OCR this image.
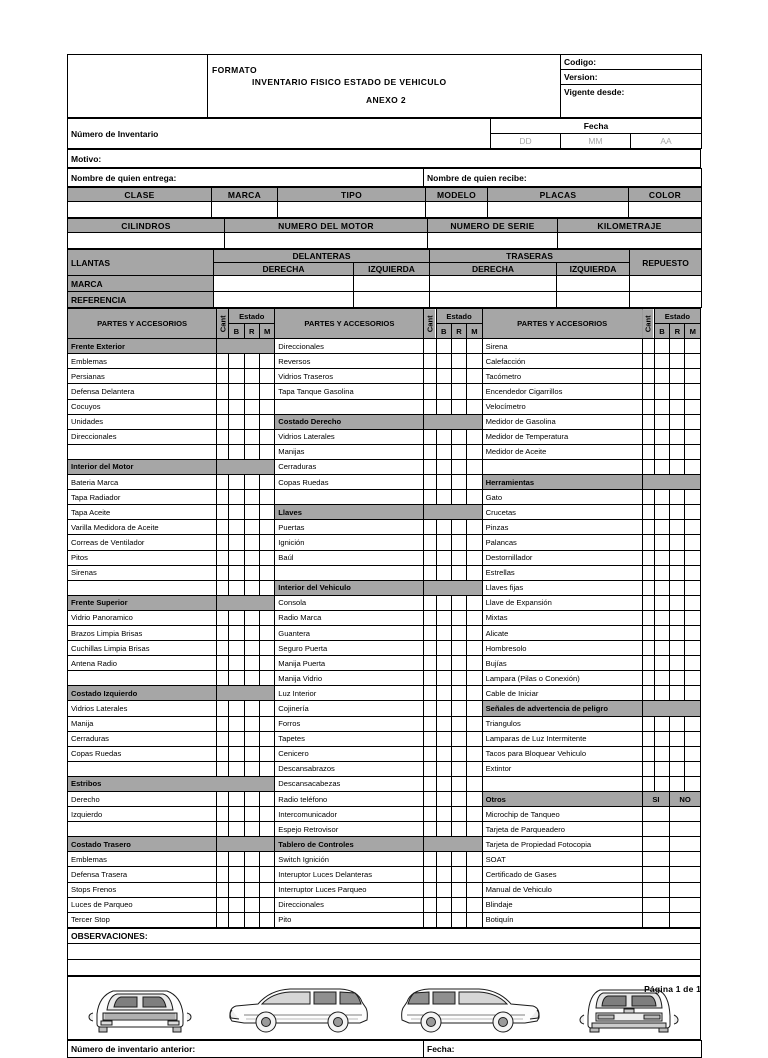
FORMATO
INVENTARIO FISICO ESTADO DE VEHICULO
ANEXO 2
	Codigo:
Version:
Vigente desde:
Número de Inventario	Fecha		
	DD	MM	AA
Motivo:
Nombre de quien entrega:	Nombre de quien recibe:
CLASE	MARCA	TIPO	MODELO	PLACAS	COLOR

CILINDROS	NUMERO DEL MOTOR	NUMERO DE SERIE	KILOMETRAJE

LLANTAS	DELANTERAS		TRASERAS		REPUESTO
	DERECHA	IZQUIERDA	DERECHA	IZQUIERDA	
MARCA					
REFERENCIA					
PARTES Y ACCESORIOS	Cant	Estado			PARTES Y ACCESORIOS	Cant	Estado			PARTES Y ACCESORIOS	Cant	Estado		
		B	R	M			B	R	M			B	R	M
Frente Exterior					Direccionales					Sirena				
Emblemas					Reversos					Calefacción				
Persianas					Vidrios Traseros					Tacómetro				
Defensa Delantera					Tapa Tanque Gasolina					Encendedor Cigarrillos				
Cocuyos										Velocímetro				
Unidades					Costado Derecho					Medidor de Gasolina				
Direccionales					Vidrios Laterales					Medidor de Temperatura				
					Manijas					Medidor de Aceite				
Interior del Motor					Cerraduras									
Bateria Marca					Copas Ruedas					Herramientas				
Tapa Radiador										Gato				
Tapa Aceite					Llaves					Crucetas				
Varilla Medidora de Aceite					Puertas					Pinzas				
Correas de Ventilador					Ignición					Palancas				
Pitos					Baúl					Destornillador				
Sirenas										Estrellas				
					Interior del Vehiculo					Llaves fijas				
Frente Superior					Consola					Llave de Expansión				
Vidrio Panoramico					Radio Marca					Mixtas				
Brazos Limpia Brisas					Guantera					Alicate				
Cuchillas Limpia Brisas					Seguro Puerta					Hombresolo				
Antena Radio					Manija Puerta					Bujías				
					Manija Vidrio					Lampara (Pilas o Conexión)				
Costado Izquierdo					Luz Interior					Cable de Iniciar				
Vidrios Laterales					Cojinería					Señales de advertencia de peligro				
Manija					Forros					Triangulos				
Cerraduras					Tapetes					Lamparas de Luz Intermitente				
Copas Ruedas					Cenicero					Tacos para Bloquear Vehiculo				
					Descansabrazos					Extintor				
Estribos					Descansacabezas									
Derecho					Radio teléfono					Otros	SI		NO	
Izquierdo					Intercomunicador					Microchip de Tanqueo				
					Espejo Retrovisor					Tarjeta de Parqueadero				
Costado Trasero					Tablero de Controles					Tarjeta de Propiedad Fotocopia				
Emblemas					Switch Ignición					SOAT				
Defensa Trasera					Interuptor Luces Delanteras					Certificado de Gases				
Stops Frenos					Interruptor Luces Parqueo					Manual de Vehiculo				
Luces de Parqueo					Direccionales					Blindaje				
Tercer Stop					Pito					Botiquín				
OBSERVACIONES:

Número de inventario anterior:	Fecha:
Página 1 de 1
